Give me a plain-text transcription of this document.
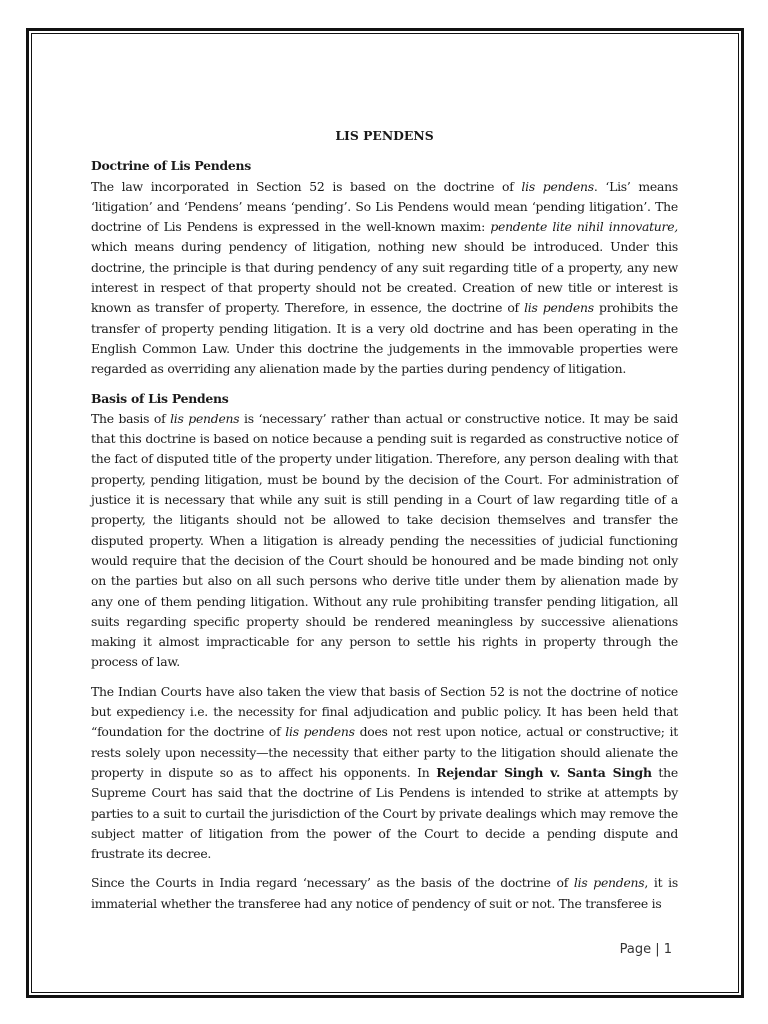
LIS PENDENS

Doctrine of Lis Pendens

The law incorporated in Section 52 is based on the doctrine of lis pendens. ‘Lis’ means ‘litigation’ and ‘Pendens’ means ‘pending’. So Lis Pendens would mean ‘pending litigation’. The doctrine of Lis Pendens is expressed in the well-known maxim: pendente lite nihil innovature, which means during pendency of litigation, nothing new should be introduced. Under this doctrine, the principle is that during pendency of any suit regarding title of a property, any new interest in respect of that property should not be created. Creation of new title or interest is known as transfer of property. Therefore, in essence, the doctrine of lis pendens prohibits the transfer of property pending litigation. It is a very old doctrine and has been operating in the English Common Law. Under this doctrine the judgements in the immovable properties were regarded as overriding any alienation made by the parties during pendency of litigation.

Basis of Lis Pendens

The basis of lis pendens is ‘necessary’ rather than actual or constructive notice. It may be said that this doctrine is based on notice because a pending suit is regarded as constructive notice of the fact of disputed title of the property under litigation. Therefore, any person dealing with that property, pending litigation, must be bound by the decision of the Court. For administration of justice it is necessary that while any suit is still pending in a Court of law regarding title of a property, the litigants should not be allowed to take decision themselves and transfer the disputed property. When a litigation is already pending the necessities of judicial functioning would require that the decision of the Court should be honoured and be made binding not only on the parties but also on all such persons who derive title under them by alienation made by any one of them pending litigation. Without any rule prohibiting transfer pending litigation, all suits regarding specific property should be rendered meaningless by successive alienations making it almost impracticable for any person to settle his rights in property through the process of law.

The Indian Courts have also taken the view that basis of Section 52 is not the doctrine of notice but expediency i.e. the necessity for final adjudication and public policy. It has been held that “foundation for the doctrine of lis pendens does not rest upon notice, actual or constructive; it rests solely upon necessity—the necessity that either party to the litigation should alienate the property in dispute so as to affect his opponents. In Rejendar Singh v. Santa Singh the Supreme Court has said that the doctrine of Lis Pendens is intended to strike at attempts by parties to a suit to curtail the jurisdiction of the Court by private dealings which may remove the subject matter of litigation from the power of the Court to decide a pending dispute and frustrate its decree.

Since the Courts in India regard ‘necessary’ as the basis of the doctrine of lis pendens, it is immaterial whether the transferee had any notice of pendency of suit or not. The transferee is

Page | 1
